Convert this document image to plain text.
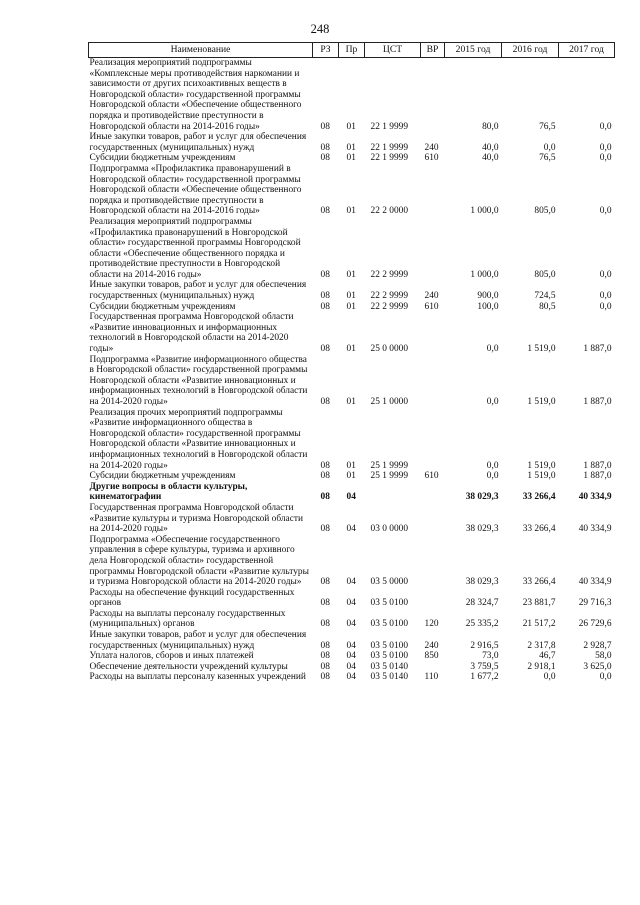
248
Наименование	РЗ	Пр	ЦСТ	ВР	2015 год	2016 год	2017 год
Реализация мероприятий подпрограммы «Комплексные меры противодействия наркомании и зависимости от других психоактивных веществ в Новгородской области» государственной программы Новгородской области «Обеспечение общественного порядка и противодействие преступности в Новгородской области на 2014-2016 годы»	08	01	22 1 9999		80,0	76,5	0,0
Иные закупки товаров, работ и услуг для обеспечения государственных (муниципальных) нужд	08	01	22 1 9999	240	40,0	0,0	0,0
Субсидии бюджетным учреждениям	08	01	22 1 9999	610	40,0	76,5	0,0
Подпрограмма «Профилактика правонарушений в Новгородской области» государственной программы Новгородской области «Обеспечение общественного порядка и противодействие преступности в Новгородской области на 2014-2016 годы»	08	01	22 2 0000		1 000,0	805,0	0,0
Реализация мероприятий подпрограммы «Профилактика правонарушений в Новгородской области» государственной программы Новгородской области «Обеспечение общественного порядка и противодействие преступности в Новгородской области на 2014-2016 годы»	08	01	22 2 9999		1 000,0	805,0	0,0
Иные закупки товаров, работ и услуг для обеспечения государственных (муниципальных) нужд	08	01	22 2 9999	240	900,0	724,5	0,0
Субсидии бюджетным учреждениям	08	01	22 2 9999	610	100,0	80,5	0,0
Государственная программа Новгородской области «Развитие инновационных и информационных технологий в Новгородской области на 2014-2020 годы»	08	01	25 0 0000		0,0	1 519,0	1 887,0
Подпрограмма «Развитие информационного общества в Новгородской области» государственной программы Новгородской области «Развитие инновационных и информационных технологий в Новгородской области на 2014-2020 годы»	08	01	25 1 0000		0,0	1 519,0	1 887,0
Реализация прочих мероприятий подпрограммы «Развитие информационного общества в Новгородской области» государственной программы Новгородской области «Развитие инновационных и информационных технологий в Новгородской области на 2014-2020 годы»	08	01	25 1 9999		0,0	1 519,0	1 887,0
Субсидии бюджетным учреждениям	08	01	25 1 9999	610	0,0	1 519,0	1 887,0
Другие вопросы в области культуры, кинематографии	08	04			38 029,3	33 266,4	40 334,9
Государственная программа Новгородской области «Развитие культуры и туризма Новгородской области на 2014-2020 годы»	08	04	03 0 0000		38 029,3	33 266,4	40 334,9
Подпрограмма «Обеспечение государственного управления в сфере культуры, туризма и архивного дела Новгородской области» государственной программы Новгородской области «Развитие культуры и туризма Новгородской области на 2014-2020 годы»	08	04	03 5 0000		38 029,3	33 266,4	40 334,9
Расходы на обеспечение функций государственных органов	08	04	03 5 0100		28 324,7	23 881,7	29 716,3
Расходы на выплаты персоналу государственных (муниципальных) органов	08	04	03 5 0100	120	25 335,2	21 517,2	26 729,6
Иные закупки товаров, работ и услуг для обеспечения государственных (муниципальных) нужд	08	04	03 5 0100	240	2 916,5	2 317,8	2 928,7
Уплата налогов, сборов и иных платежей	08	04	03 5 0100	850	73,0	46,7	58,0
Обеспечение деятельности учреждений культуры	08	04	03 5 0140		3 759,5	2 918,1	3 625,0
Расходы на выплаты персоналу казенных учреждений	08	04	03 5 0140	110	1 677,2	0,0	0,0
